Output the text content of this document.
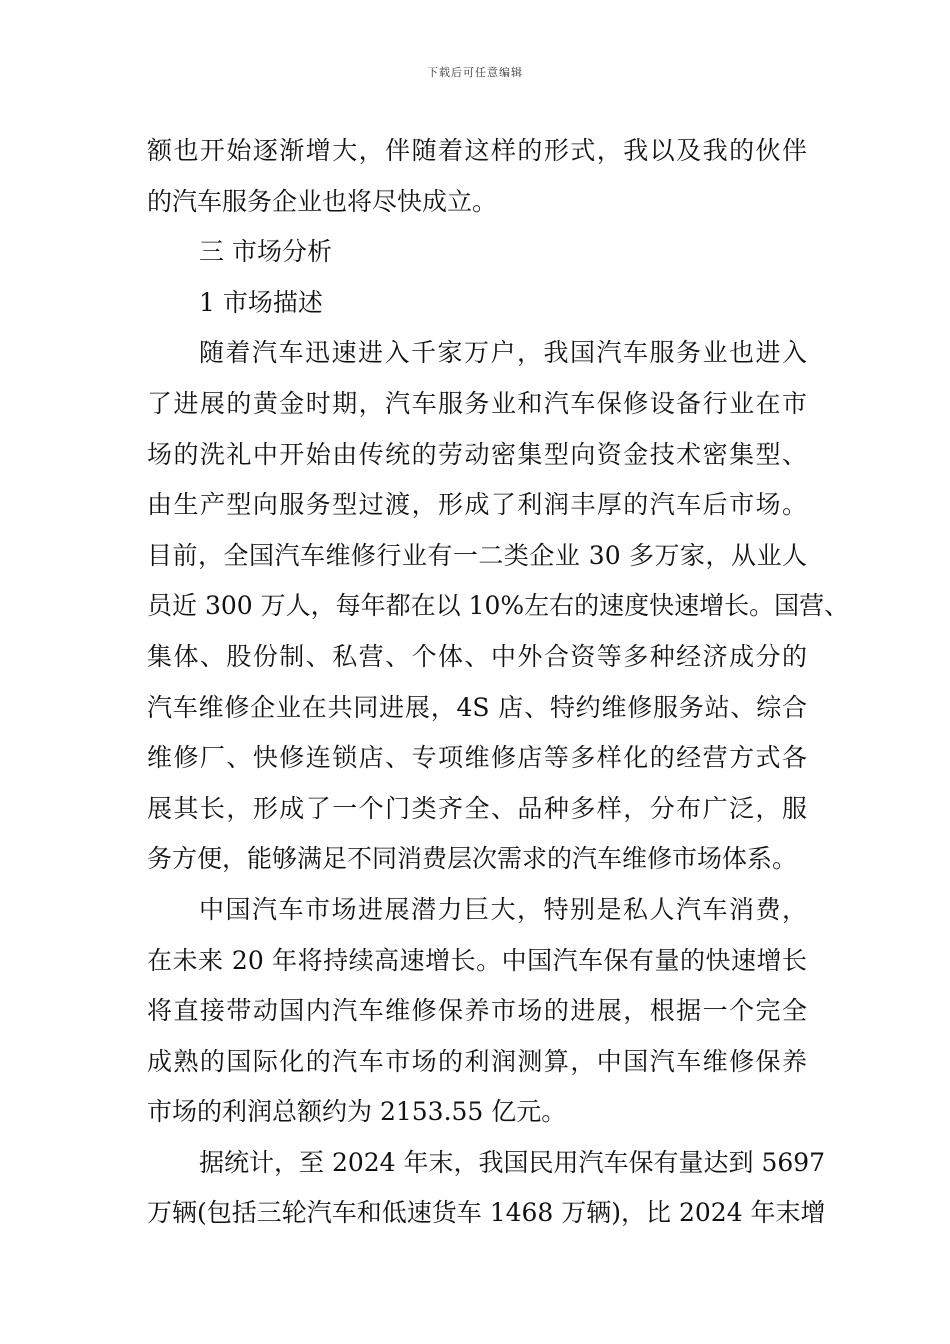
下载后可任意编辑
额也开始逐渐增大，伴随着这样的形式，我以及我的伙伴
的汽车服务企业也将尽快成立。
三 市场分析
1 市场描述
随着汽车迅速进入千家万户，我国汽车服务业也进入
了进展的黄金时期，汽车服务业和汽车保修设备行业在市
场的洗礼中开始由传统的劳动密集型向资金技术密集型、
由生产型向服务型过渡，形成了利润丰厚的汽车后市场。
目前，全国汽车维修行业有一二类企业 30 多万家，从业人
员近 300 万人，每年都在以 10%左右的速度快速增长。国营、
集体、股份制、私营、个体、中外合资等多种经济成分的
汽车维修企业在共同进展，4S 店、特约维修服务站、综合
维修厂、快修连锁店、专项维修店等多样化的经营方式各
展其长，形成了一个门类齐全、品种多样，分布广泛，服
务方便，能够满足不同消费层次需求的汽车维修市场体系。
中国汽车市场进展潜力巨大，特别是私人汽车消费，
在未来 20 年将持续高速增长。中国汽车保有量的快速增长
将直接带动国内汽车维修保养市场的进展，根据一个完全
成熟的国际化的汽车市场的利润测算，中国汽车维修保养
市场的利润总额约为 2153.55 亿元。
据统计，至 2024 年末，我国民用汽车保有量达到 5697
万辆(包括三轮汽车和低速货车 1468 万辆)，比 2024 年末增
